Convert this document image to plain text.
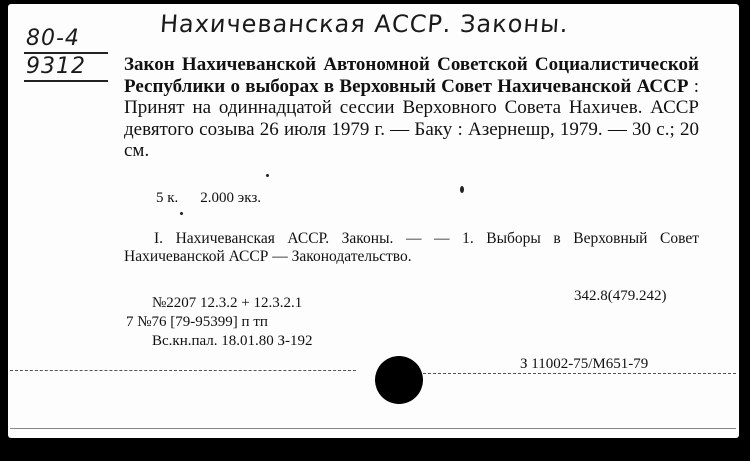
Нахичеванская АССР. Законы.
80-4
9312 Закон Нахичеванской Автономной Советской Социалистической Республики о выборах в Верховный Совет Нахичеванской АССР : Принят на одиннадцатой сессии Верховного Совета Нахичев. АССР девятого созыва 26 июля 1979 г. — Баку : Азернешр, 1979. — 30 с.; 20 см.
5 к. 2.000 экз.
I. Нахичеванская АССР. Законы. — — 1. Выборы в Верховный Совет Нахичеванской АССР — Законодательство.
342.8(479.242)
№2207 12.3.2 + 12.3.2.1
7 №76 [79-95399] п тп
Вс.кн.пал. 18.01.80 З-192
З 11002-75/М651-79
